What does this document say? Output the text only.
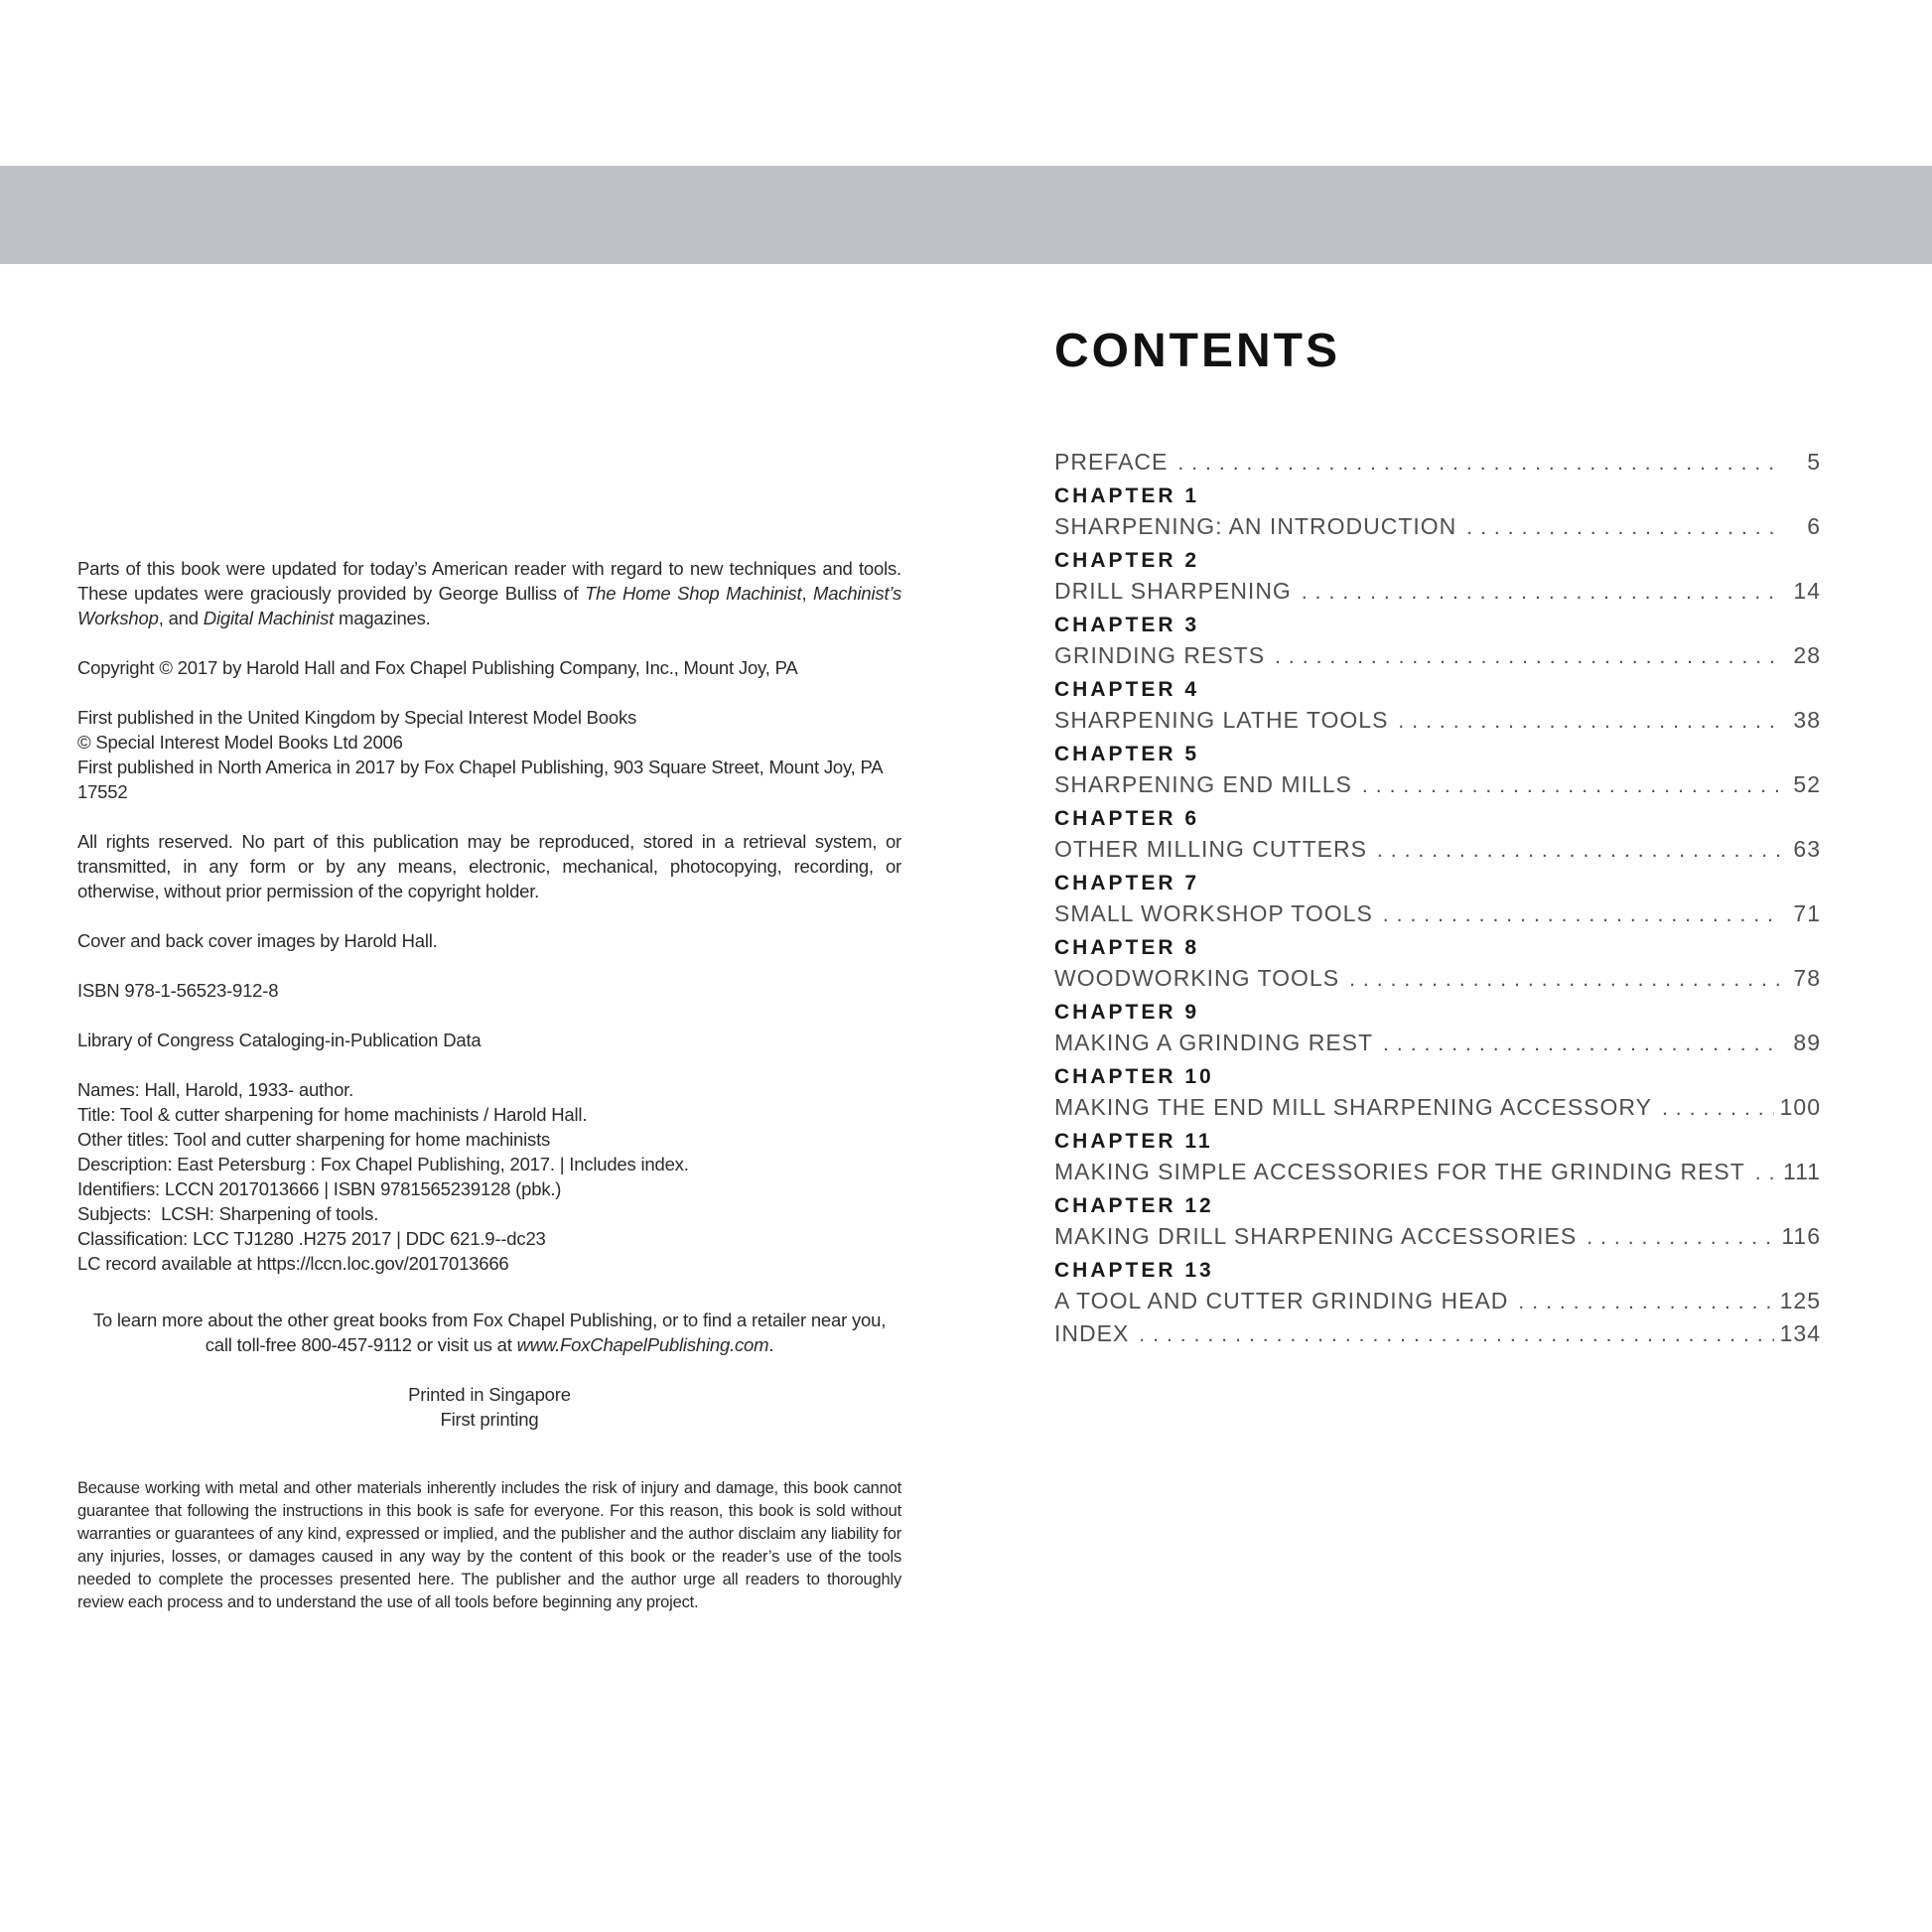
Parts of this book were updated for today’s American reader with regard to new techniques and tools. These updates were graciously provided by George Bulliss of The Home Shop Machinist, Machinist’s Workshop, and Digital Machinist magazines.

Copyright © 2017 by Harold Hall and Fox Chapel Publishing Company, Inc., Mount Joy, PA

First published in the United Kingdom by Special Interest Model Books
© Special Interest Model Books Ltd 2006
First published in North America in 2017 by Fox Chapel Publishing, 903 Square Street, Mount Joy, PA 17552

All rights reserved. No part of this publication may be reproduced, stored in a retrieval system, or transmitted, in any form or by any means, electronic, mechanical, photocopying, recording, or otherwise, without prior permission of the copyright holder.

Cover and back cover images by Harold Hall.

ISBN 978-1-56523-912-8

Library of Congress Cataloging-in-Publication Data

Names: Hall, Harold, 1933- author.
Title: Tool & cutter sharpening for home machinists / Harold Hall.
Other titles: Tool and cutter sharpening for home machinists
Description: East Petersburg : Fox Chapel Publishing, 2017. | Includes index.
Identifiers: LCCN 2017013666 | ISBN 9781565239128 (pbk.)
Subjects:  LCSH: Sharpening of tools.
Classification: LCC TJ1280 .H275 2017 | DDC 621.9--dc23
LC record available at https://lccn.loc.gov/2017013666

To learn more about the other great books from Fox Chapel Publishing, or to find a retailer near you, call toll-free 800-457-9112 or visit us at www.FoxChapelPublishing.com.

Printed in Singapore
First printing

Because working with metal and other materials inherently includes the risk of injury and damage, this book cannot guarantee that following the instructions in this book is safe for everyone. For this reason, this book is sold without warranties or guarantees of any kind, expressed or implied, and the publisher and the author disclaim any liability for any injuries, losses, or damages caused in any way by the content of this book or the reader’s use of the tools needed to complete the processes presented here. The publisher and the author urge all readers to thoroughly review each process and to understand the use of all tools before beginning any project.

CONTENTS
PREFACE .....	5
CHAPTER 1
SHARPENING: AN INTRODUCTION .....	6
CHAPTER 2
DRILL SHARPENING .....	14
CHAPTER 3
GRINDING RESTS .....	28
CHAPTER 4
SHARPENING LATHE TOOLS .....	38
CHAPTER 5
SHARPENING END MILLS .....	52
CHAPTER 6
OTHER MILLING CUTTERS .....	63
CHAPTER 7
SMALL WORKSHOP TOOLS .....	71
CHAPTER 8
WOODWORKING TOOLS .....	78
CHAPTER 9
MAKING A GRINDING REST .....	89
CHAPTER 10
MAKING THE END MILL SHARPENING ACCESSORY .....	100
CHAPTER 11
MAKING SIMPLE ACCESSORIES FOR THE GRINDING REST ..... 111
CHAPTER 12
MAKING DRILL SHARPENING ACCESSORIES .....	116
CHAPTER 13
A TOOL AND CUTTER GRINDING HEAD .....	125
INDEX .....	134
